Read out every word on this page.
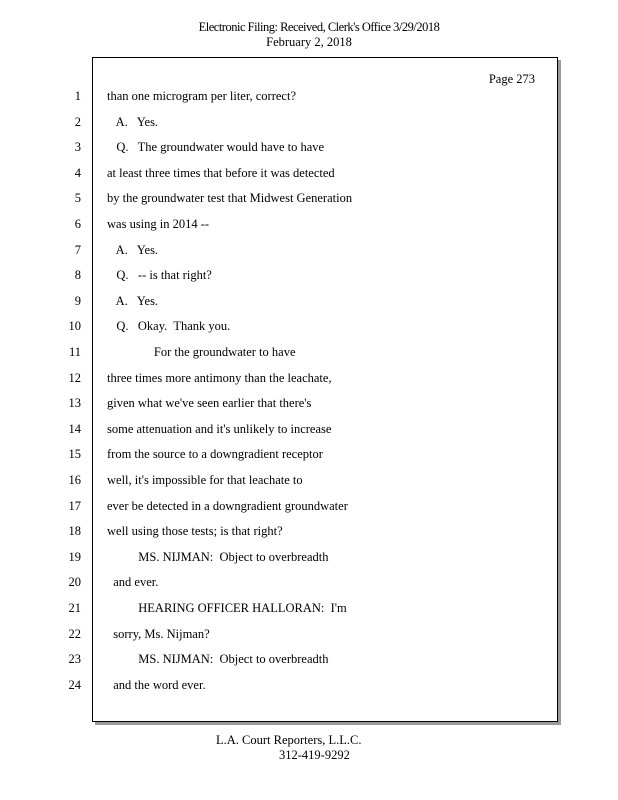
Electronic Filing: Received, Clerk's Office 3/29/2018
February 2, 2018
Page 273
1 than one microgram per liter, correct?
2 A.   Yes.
3 Q.   The groundwater would have to have
4 at least three times that before it was detected
5 by the groundwater test that Midwest Generation
6 was using in 2014 --
7 A.   Yes.
8 Q.   -- is that right?
9 A.   Yes.
10 Q.   Okay.  Thank you.
11 For the groundwater to have
12 three times more antimony than the leachate,
13 given what we've seen earlier that there's
14 some attenuation and it's unlikely to increase
15 from the source to a downgradient receptor
16 well, it's impossible for that leachate to
17 ever be detected in a downgradient groundwater
18 well using those tests; is that right?
19 MS. NIJMAN:  Object to overbreadth
20 and ever.
21 HEARING OFFICER HALLORAN:  I'm
22 sorry, Ms. Nijman?
23 MS. NIJMAN:  Object to overbreadth
24 and the word ever.
L.A. Court Reporters, L.L.C.
312-419-9292
